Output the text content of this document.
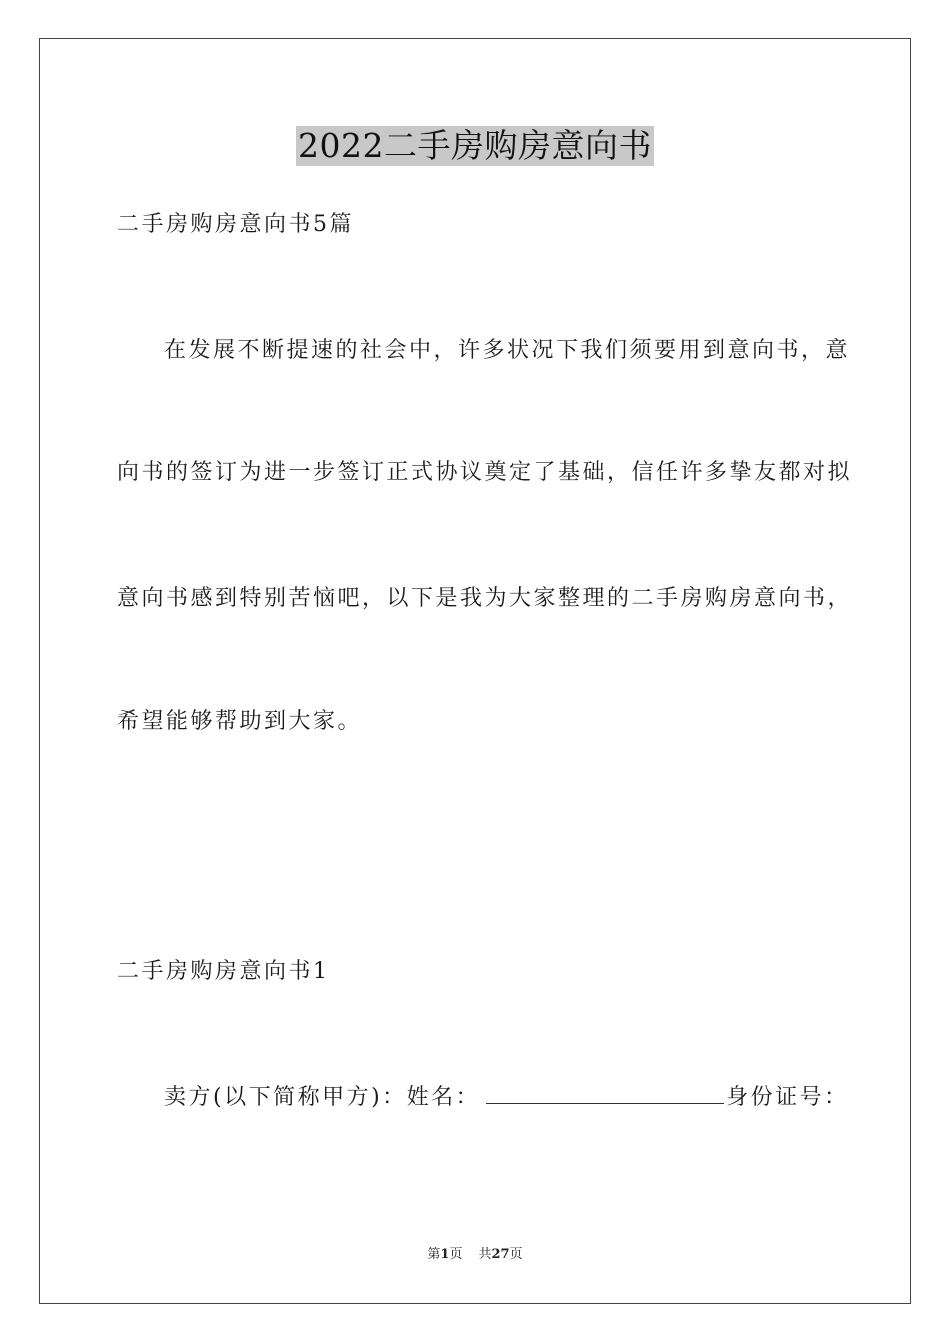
2022二手房购房意向书
二手房购房意向书5篇
在发展不断提速的社会中，许多状况下我们须要用到意向书，意
向书的签订为进一步签订正式协议奠定了基础，信任许多挚友都对拟
意向书感到特别苦恼吧，以下是我为大家整理的二手房购房意向书，
希望能够帮助到大家。
二手房购房意向书1
卖方(以下简称甲方)：姓名：	身份证号：
第1页 共27页
